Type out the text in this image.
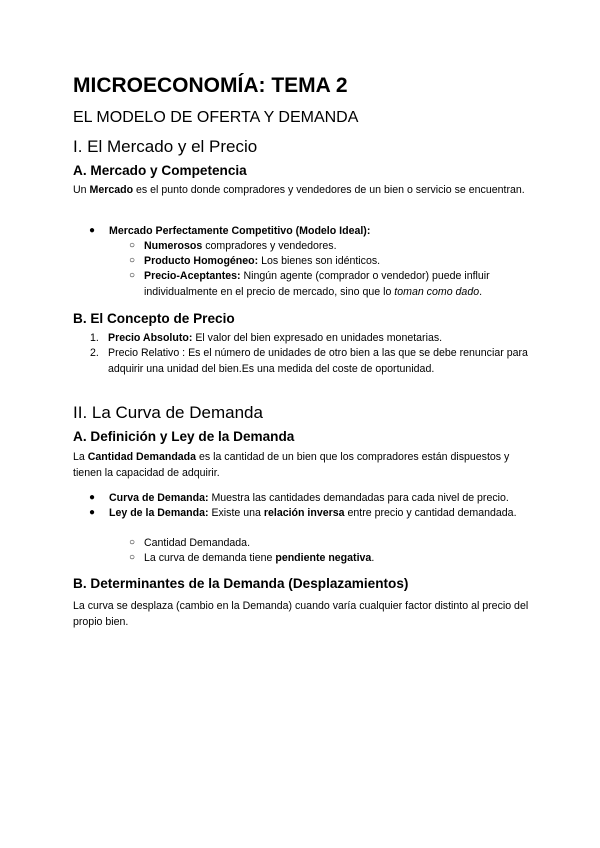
MICROECONOMÍA: TEMA 2
EL MODELO DE OFERTA Y DEMANDA
I. El Mercado y el Precio
A. Mercado y Competencia

Un Mercado es el punto donde compradores y vendedores de un bien o servicio se encuentran.

● Mercado Perfectamente Competitivo (Modelo Ideal):
○ Numerosos compradores y vendedores.
○ Producto Homogéneo: Los bienes son idénticos.
○ Precio-Aceptantes: Ningún agente (comprador o vendedor) puede influir individualmente en el precio de mercado, sino que lo toman como dado.
B. El Concepto de Precio
1. Precio Absoluto: El valor del bien expresado en unidades monetarias.
2. Precio Relativo : Es el número de unidades de otro bien a las que se debe renunciar para adquirir una unidad del bien.Es una medida del coste de oportunidad.
II. La Curva de Demanda
A. Definición y Ley de la Demanda

La Cantidad Demandada es la cantidad de un bien que los compradores están dispuestos y tienen la capacidad de adquirir.

● Curva de Demanda: Muestra las cantidades demandadas para cada nivel de precio.
● Ley de la Demanda: Existe una relación inversa entre precio y cantidad demandada.
○ Cantidad Demandada.
○ La curva de demanda tiene pendiente negativa.
B. Determinantes de la Demanda (Desplazamientos)

La curva se desplaza (cambio en la Demanda) cuando varía cualquier factor distinto al precio del propio bien.
